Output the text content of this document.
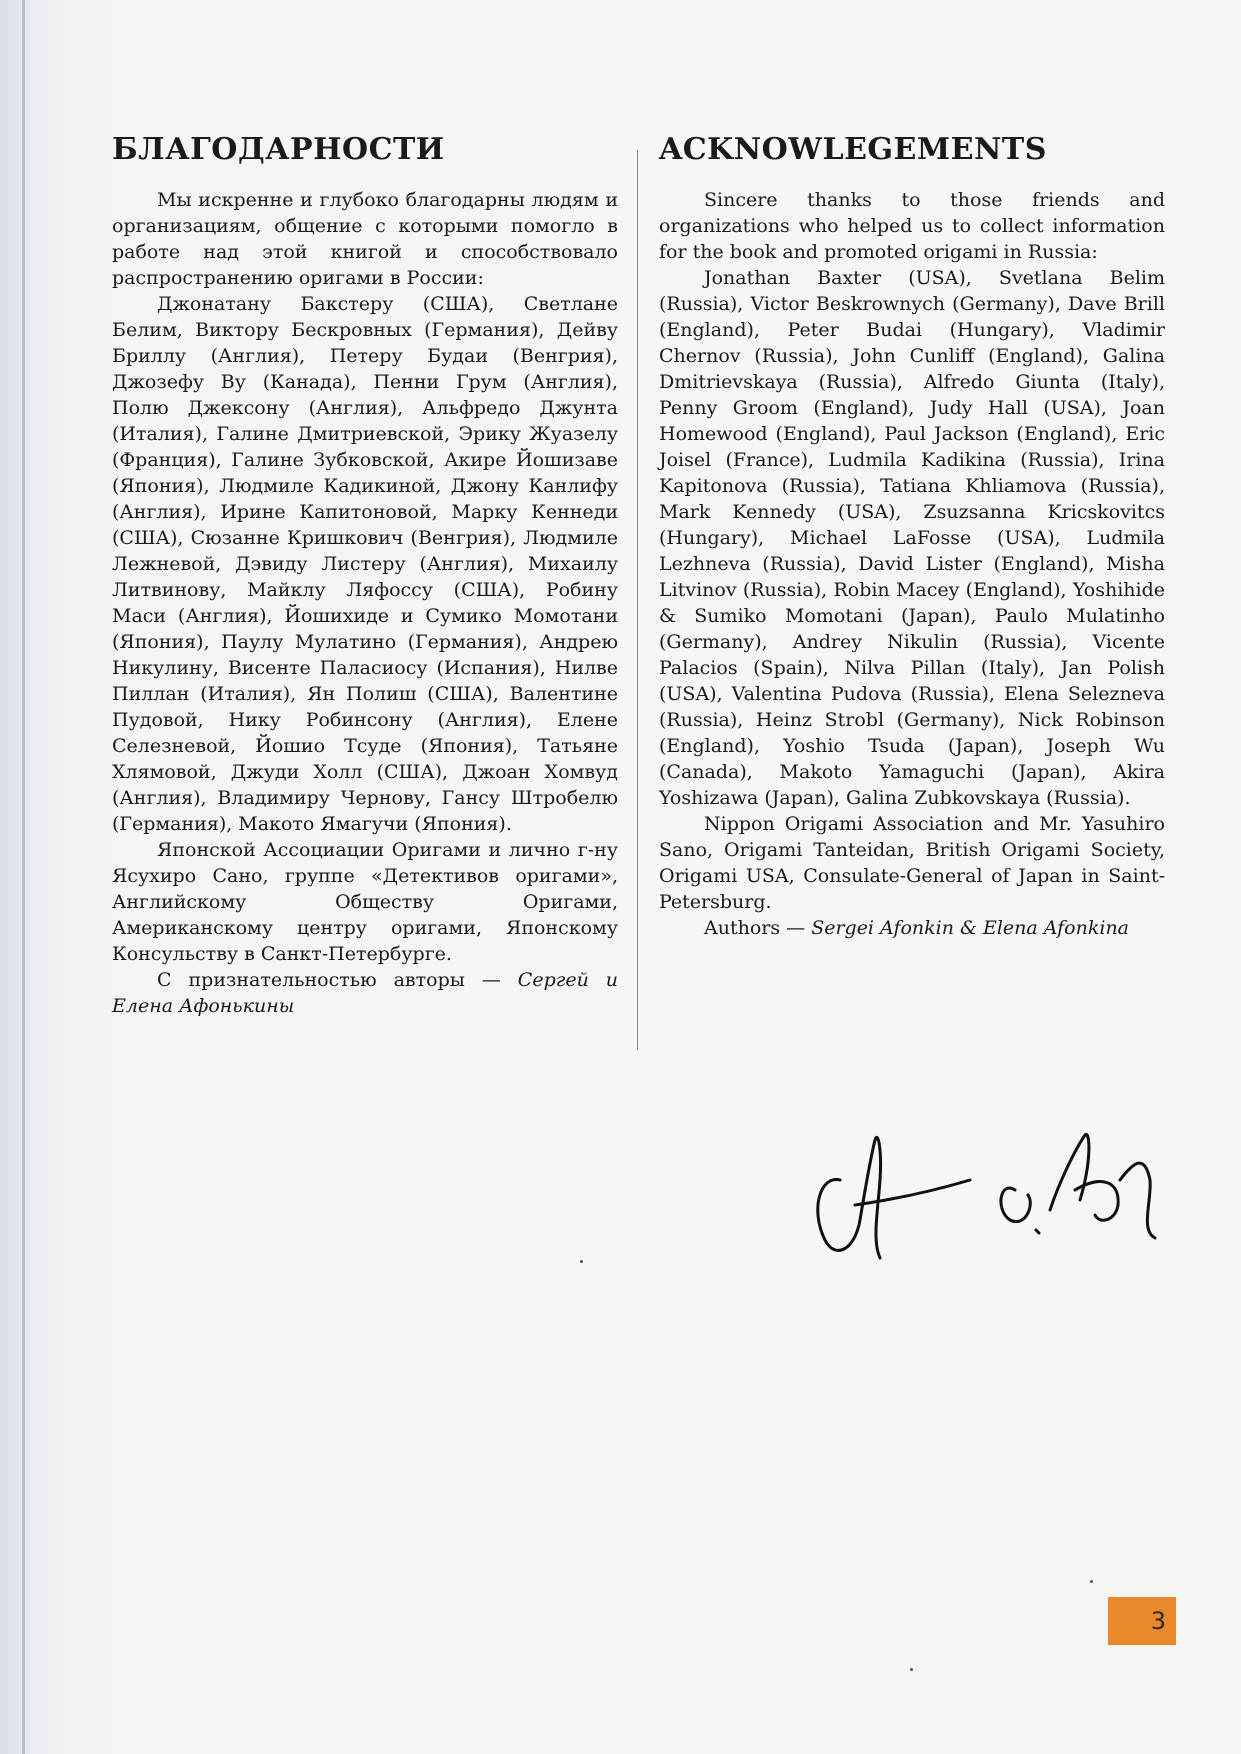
БЛАГОДАРНОСТИ

Мы искренне и глубоко благодарны людям и организациям, общение с которыми помогло в работе над этой книгой и способствовало распространению оригами в России:

Джонатану Бакстеру (США), Светлане Белим, Виктору Бескровных (Германия), Дейву Бриллу (Англия), Петеру Будаи (Венгрия), Джозефу Ву (Канада), Пенни Грум (Англия), Полю Джексону (Англия), Альфредо Джунта (Италия), Галине Дмитриевской, Эрику Жуазелу (Франция), Галине Зубковской, Акире Йошизаве (Япония), Людмиле Кадикиной, Джону Канлифу (Англия), Ирине Капитоновой, Марку Кеннеди (США), Сюзанне Кришкович (Венгрия), Людмиле Лежневой, Дэвиду Листеру (Англия), Михаилу Литвинову, Майклу Ляфоссу (США), Робину Маси (Англия), Йошихиде и Сумико Момотани (Япония), Паулу Мулатино (Германия), Андрею Никулину, Висенте Паласиосу (Испания), Нилве Пиллан (Италия), Ян Полиш (США), Валентине Пудовой, Нику Робинсону (Англия), Елене Селезневой, Йошио Тсуде (Япония), Татьяне Хлямовой, Джуди Холл (США), Джоан Хомвуд (Англия), Владимиру Чернову, Гансу Штробелю (Германия), Макото Ямагучи (Япония).

Японской Ассоциации Оригами и лично г-ну Ясухиро Сано, группе «Детективов оригами», Английскому Обществу Оригами, Американскому центру оригами, Японскому Консульству в Санкт-Петербурге.

С признательностью авторы — Сергей и Елена Афонькины

ACKNOWLEGEMENTS

Sincere thanks to those friends and organizations who helped us to collect information for the book and promoted origami in Russia:

Jonathan Baxter (USA), Svetlana Belim (Russia), Victor Beskrownych (Germany), Dave Brill (England), Peter Budai (Hungary), Vladimir Chernov (Russia), John Cunliff (England), Galina Dmitrievskaya (Russia), Alfredo Giunta (Italy), Penny Groom (England), Judy Hall (USA), Joan Homewood (England), Paul Jackson (England), Eric Joisel (France), Ludmila Kadikina (Russia), Irina Kapitonova (Russia), Tatiana Khliamova (Russia), Mark Kennedy (USA), Zsuzsanna Kricskovitcs (Hungary), Michael LaFosse (USA), Ludmila Lezhneva (Russia), David Lister (England), Misha Litvinov (Russia), Robin Macey (England), Yoshihide & Sumiko Momotani (Japan), Paulo Mulatinho (Germany), Andrey Nikulin (Russia), Vicente Palacios (Spain), Nilva Pillan (Italy), Jan Polish (USA), Valentina Pudova (Russia), Elena Selezneva (Russia), Heinz Strobl (Germany), Nick Robinson (England), Yoshio Tsuda (Japan), Joseph Wu (Canada), Makoto Yamaguchi (Japan), Akira Yoshizawa (Japan), Galina Zubkovskaya (Russia).

Nippon Origami Association and Mr. Yasuhiro Sano, Origami Tanteidan, British Origami Society, Origami USA, Consulate-General of Japan in Saint-Petersburg.

Authors — Sergei Afonkin & Elena Afonkina

3
